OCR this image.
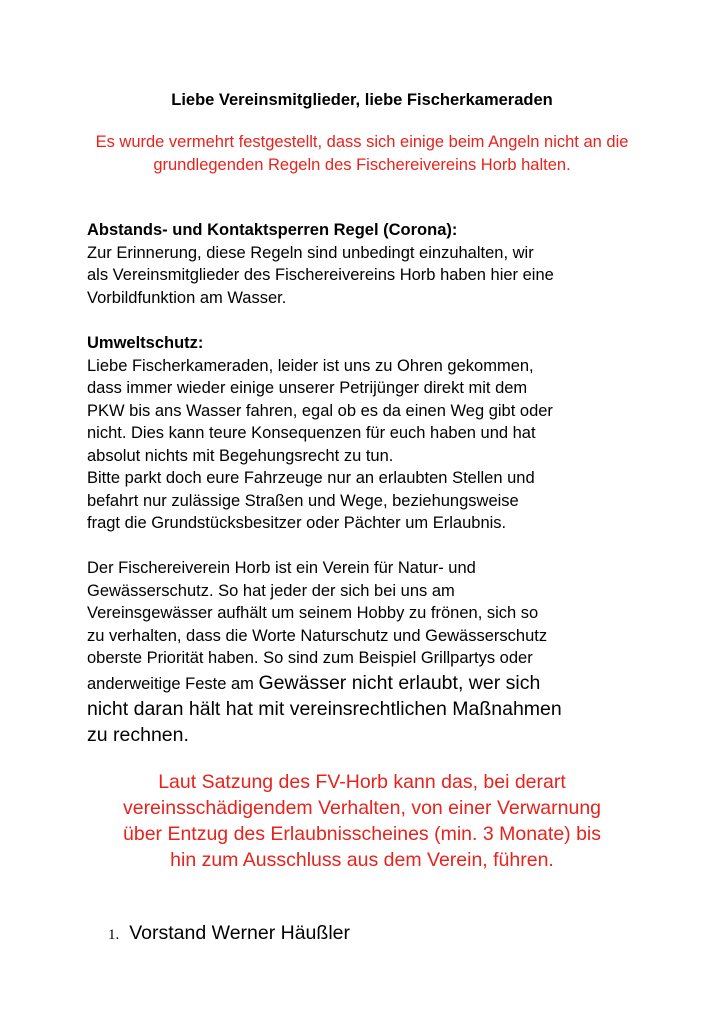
Liebe Vereinsmitglieder, liebe Fischerkameraden
Es wurde vermehrt festgestellt, dass sich einige beim Angeln nicht an die grundlegenden Regeln des Fischereivereins Horb halten.
Abstands- und Kontaktsperren Regel (Corona):
Zur Erinnerung, diese Regeln sind unbedingt einzuhalten, wir
als Vereinsmitglieder des Fischereivereins Horb haben hier eine
Vorbildfunktion am Wasser.
Umweltschutz:
Liebe Fischerkameraden, leider ist uns zu Ohren gekommen,
dass immer wieder einige unserer Petrijünger direkt mit dem
PKW bis ans Wasser fahren, egal ob es da einen Weg gibt oder
nicht. Dies kann teure Konsequenzen für euch haben und hat
absolut nichts mit Begehungsrecht zu tun.
Bitte parkt doch eure Fahrzeuge nur an erlaubten Stellen und
befahrt nur zulässige Straßen und Wege, beziehungsweise
fragt die Grundstücksbesitzer oder Pächter um Erlaubnis.
Der Fischereiverein Horb ist ein Verein für Natur- und
Gewässerschutz. So hat jeder der sich bei uns am
Vereinsgewässer aufhält um seinem Hobby zu frönen, sich so
zu verhalten, dass die Worte Naturschutz und Gewässerschutz
oberste Priorität haben. So sind zum Beispiel Grillpartys oder
anderweitige Feste am Gewässer nicht erlaubt, wer sich
nicht daran hält hat mit vereinsrechtlichen Maßnahmen
zu rechnen.
Laut Satzung des FV-Horb kann das, bei derart
vereinsschädigendem Verhalten, von einer Verwarnung
über Entzug des Erlaubnisscheines (min. 3 Monate) bis
hin zum Ausschluss aus dem Verein, führen.
1. Vorstand Werner Häußler
